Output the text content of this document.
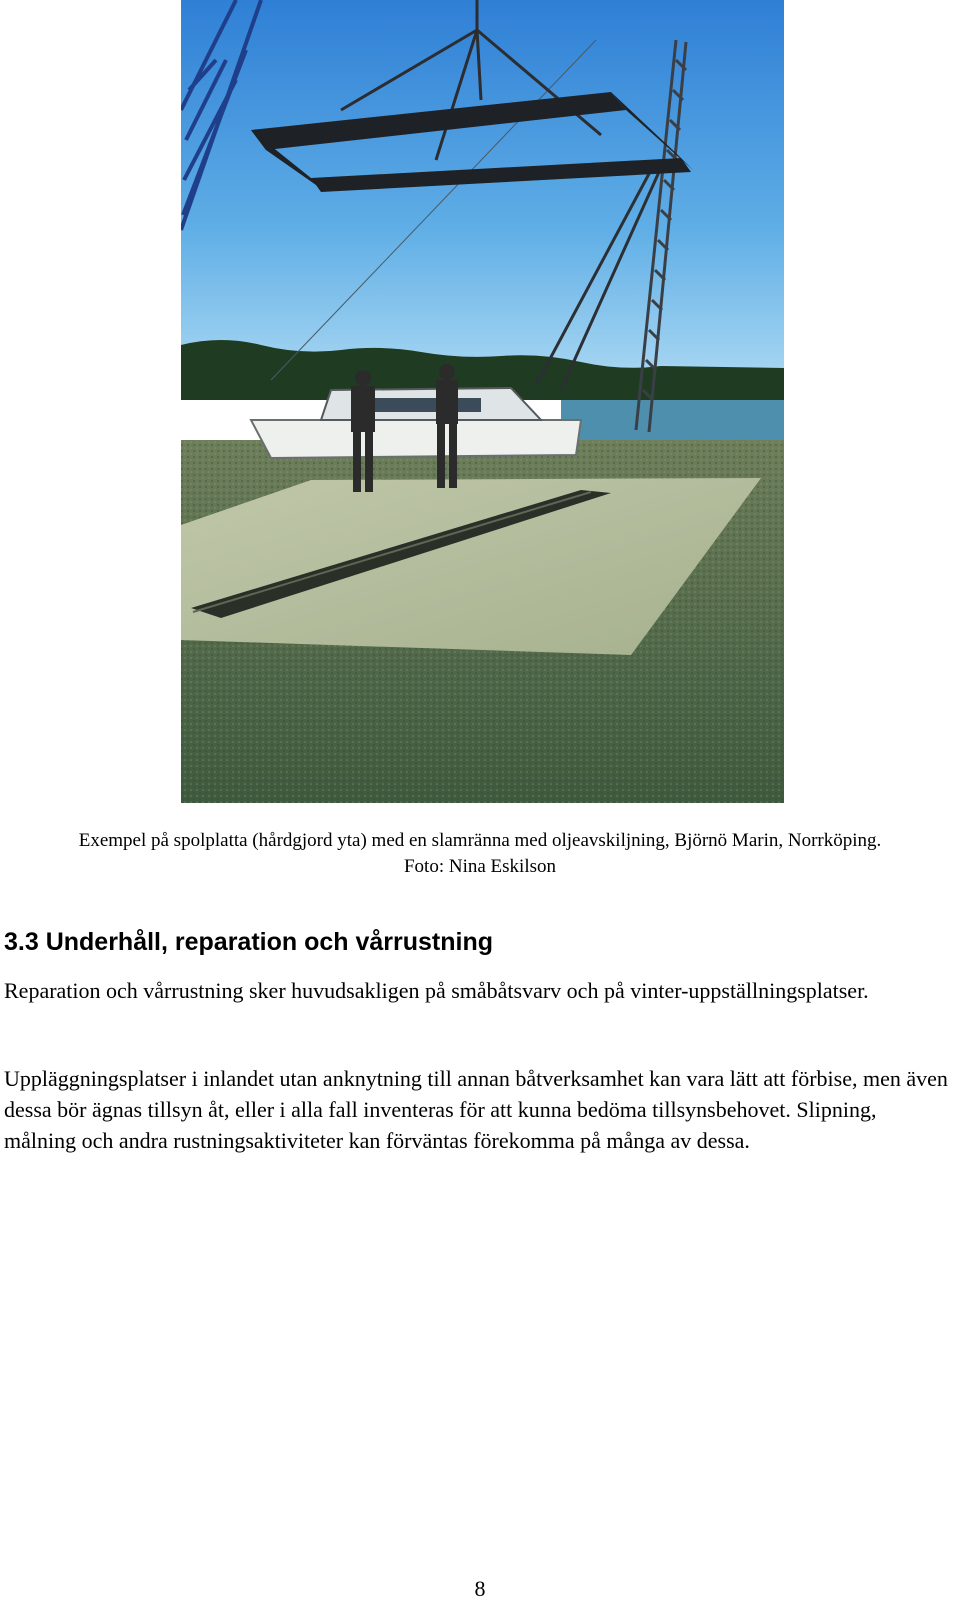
Exempel på spolplatta (hårdgjord yta) med en slamränna med oljeavskiljning, Björnö Marin, Norrköping.
Foto: Nina Eskilson
3.3 Underhåll, reparation och vårrustning

Reparation och vårrustning sker huvudsakligen på småbåtsvarv och på vinter-uppställningsplatser.

Uppläggningsplatser i inlandet utan anknytning till annan båtverksamhet kan vara lätt att förbise, men även dessa bör ägnas tillsyn åt, eller i alla fall inventeras för att kunna bedöma tillsynsbehovet. Slipning, målning och andra rustningsaktiviteter kan förväntas förekomma på många av dessa.

8
